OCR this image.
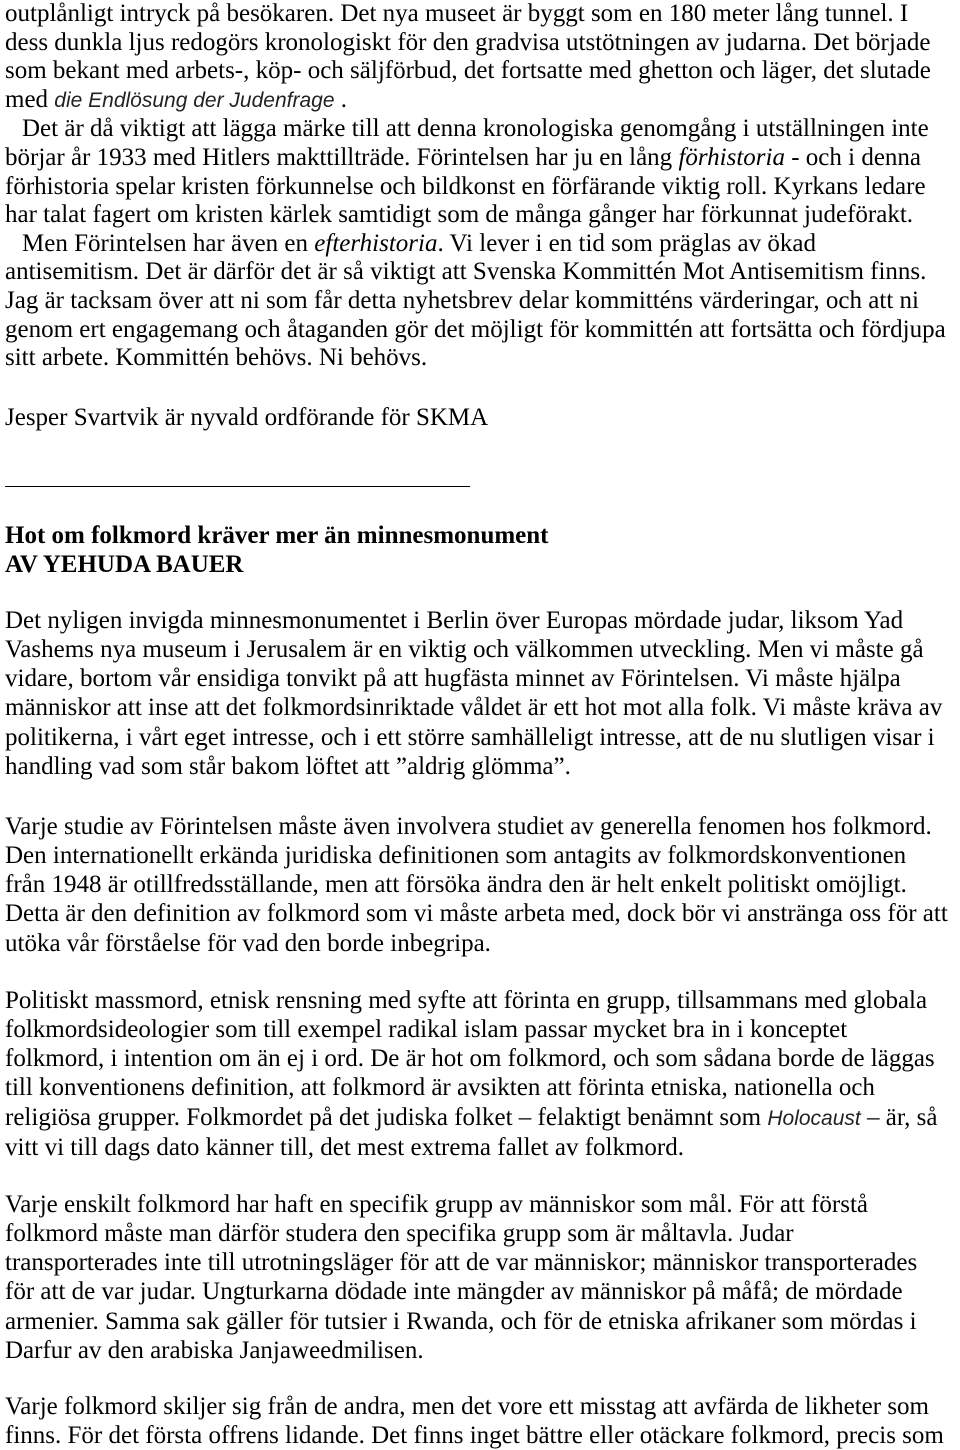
outplånligt intryck på besökaren. Det nya museet är byggt som en 180 meter lång tunnel. I
dess dunkla ljus redogörs kronologiskt för den gradvisa utstötningen av judarna. Det började
som bekant med arbets-, köp- och säljförbud, det fortsatte med ghetton och läger, det slutade
med die Endlösung der Judenfrage .
Det är då viktigt att lägga märke till att denna kronologiska genomgång i utställningen inte
börjar år 1933 med Hitlers makttillträde. Förintelsen har ju en lång förhistoria - och i denna
förhistoria spelar kristen förkunnelse och bildkonst en förfärande viktig roll. Kyrkans ledare
har talat fagert om kristen kärlek samtidigt som de många gånger har förkunnat judeförakt.
Men Förintelsen har även en efterhistoria. Vi lever i en tid som präglas av ökad
antisemitism. Det är därför det är så viktigt att Svenska Kommittén Mot Antisemitism finns.
Jag är tacksam över att ni som får detta nyhetsbrev delar kommitténs värderingar, och att ni
genom ert engagemang och åtaganden gör det möjligt för kommittén att fortsätta och fördjupa
sitt arbete. Kommittén behövs. Ni behövs.
Jesper Svartvik är nyvald ordförande för SKMA
Hot om folkmord kräver mer än minnesmonument
AV YEHUDA BAUER
Det nyligen invigda minnesmonumentet i Berlin över Europas mördade judar, liksom Yad
Vashems nya museum i Jerusalem är en viktig och välkommen utveckling. Men vi måste gå
vidare, bortom vår ensidiga tonvikt på att hugfästa minnet av Förintelsen. Vi måste hjälpa
människor att inse att det folkmordsinriktade våldet är ett hot mot alla folk. Vi måste kräva av
politikerna, i vårt eget intresse, och i ett större samhälleligt intresse, att de nu slutligen visar i
handling vad som står bakom löftet att ”aldrig glömma”.
Varje studie av Förintelsen måste även involvera studiet av generella fenomen hos folkmord.
Den internationellt erkända juridiska definitionen som antagits av folkmordskonventionen
från 1948 är otillfredsställande, men att försöka ändra den är helt enkelt politiskt omöjligt.
Detta är den definition av folkmord som vi måste arbeta med, dock bör vi anstränga oss för att
utöka vår förståelse för vad den borde inbegripa.
Politiskt massmord, etnisk rensning med syfte att förinta en grupp, tillsammans med globala
folkmordsideologier som till exempel radikal islam passar mycket bra in i konceptet
folkmord, i intention om än ej i ord. De är hot om folkmord, och som sådana borde de läggas
till konventionens definition, att folkmord är avsikten att förinta etniska, nationella och
religiösa grupper. Folkmordet på det judiska folket – felaktigt benämnt som Holocaust – är, så
vitt vi till dags dato känner till, det mest extrema fallet av folkmord.
Varje enskilt folkmord har haft en specifik grupp av människor som mål. För att förstå
folkmord måste man därför studera den specifika grupp som är måltavla. Judar
transporterades inte till utrotningsläger för att de var människor; människor transporterades
för att de var judar. Ungturkarna dödade inte mängder av människor på måfå; de mördade
armenier. Samma sak gäller för tutsier i Rwanda, och för de etniska afrikaner som mördas i
Darfur av den arabiska Janjaweedmilisen.
Varje folkmord skiljer sig från de andra, men det vore ett misstag att avfärda de likheter som
finns. För det första offrens lidande. Det finns inget bättre eller otäckare folkmord, precis som
